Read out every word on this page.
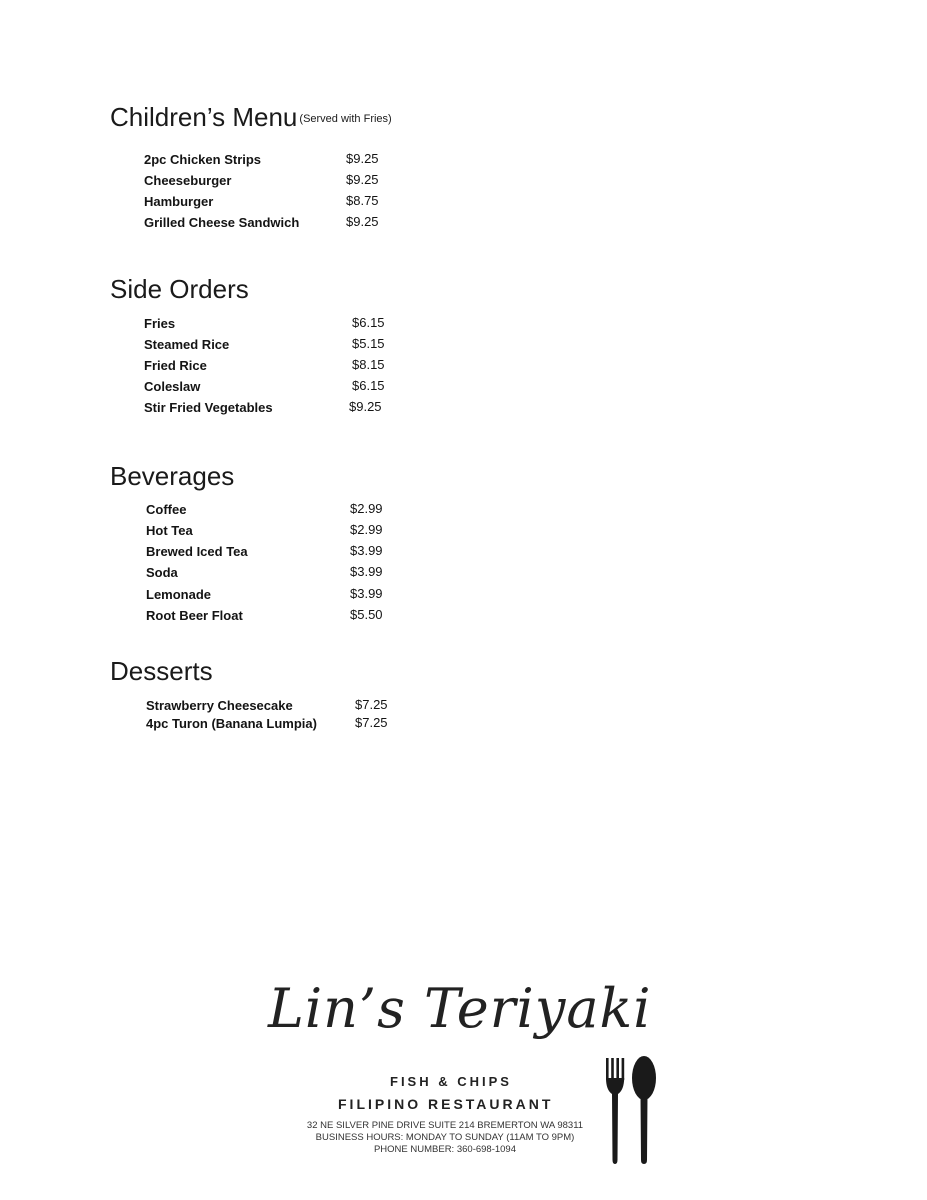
Children’s Menu $^{(Served with Fries)}$
2pc Chicken Strips	$9.25
Cheeseburger	$9.25
Hamburger	$8.75
Grilled Cheese Sandwich	$9.25
Side Orders
Fries	$6.15
Steamed Rice	$5.15
Fried Rice	$8.15
Coleslaw	$6.15
Stir Fried Vegetables	$9.25
Beverages
Coffee	$2.99
Hot Tea	$2.99
Brewed Iced Tea	$3.99
Soda	$3.99
Lemonade	$3.99
Root Beer Float	$5.50
Desserts
Strawberry Cheesecake	$7.25
4pc Turon (Banana Lumpia)	$7.25
Lin’s Teriyaki
FISH & CHIPS
FILIPINO RESTAURANT
32 NE SILVER PINE DRIVE SUITE 214 BREMERTON WA 98311
BUSINESS HOURS: MONDAY TO SUNDAY (11AM TO 9PM)
PHONE NUMBER: 360-698-1094
